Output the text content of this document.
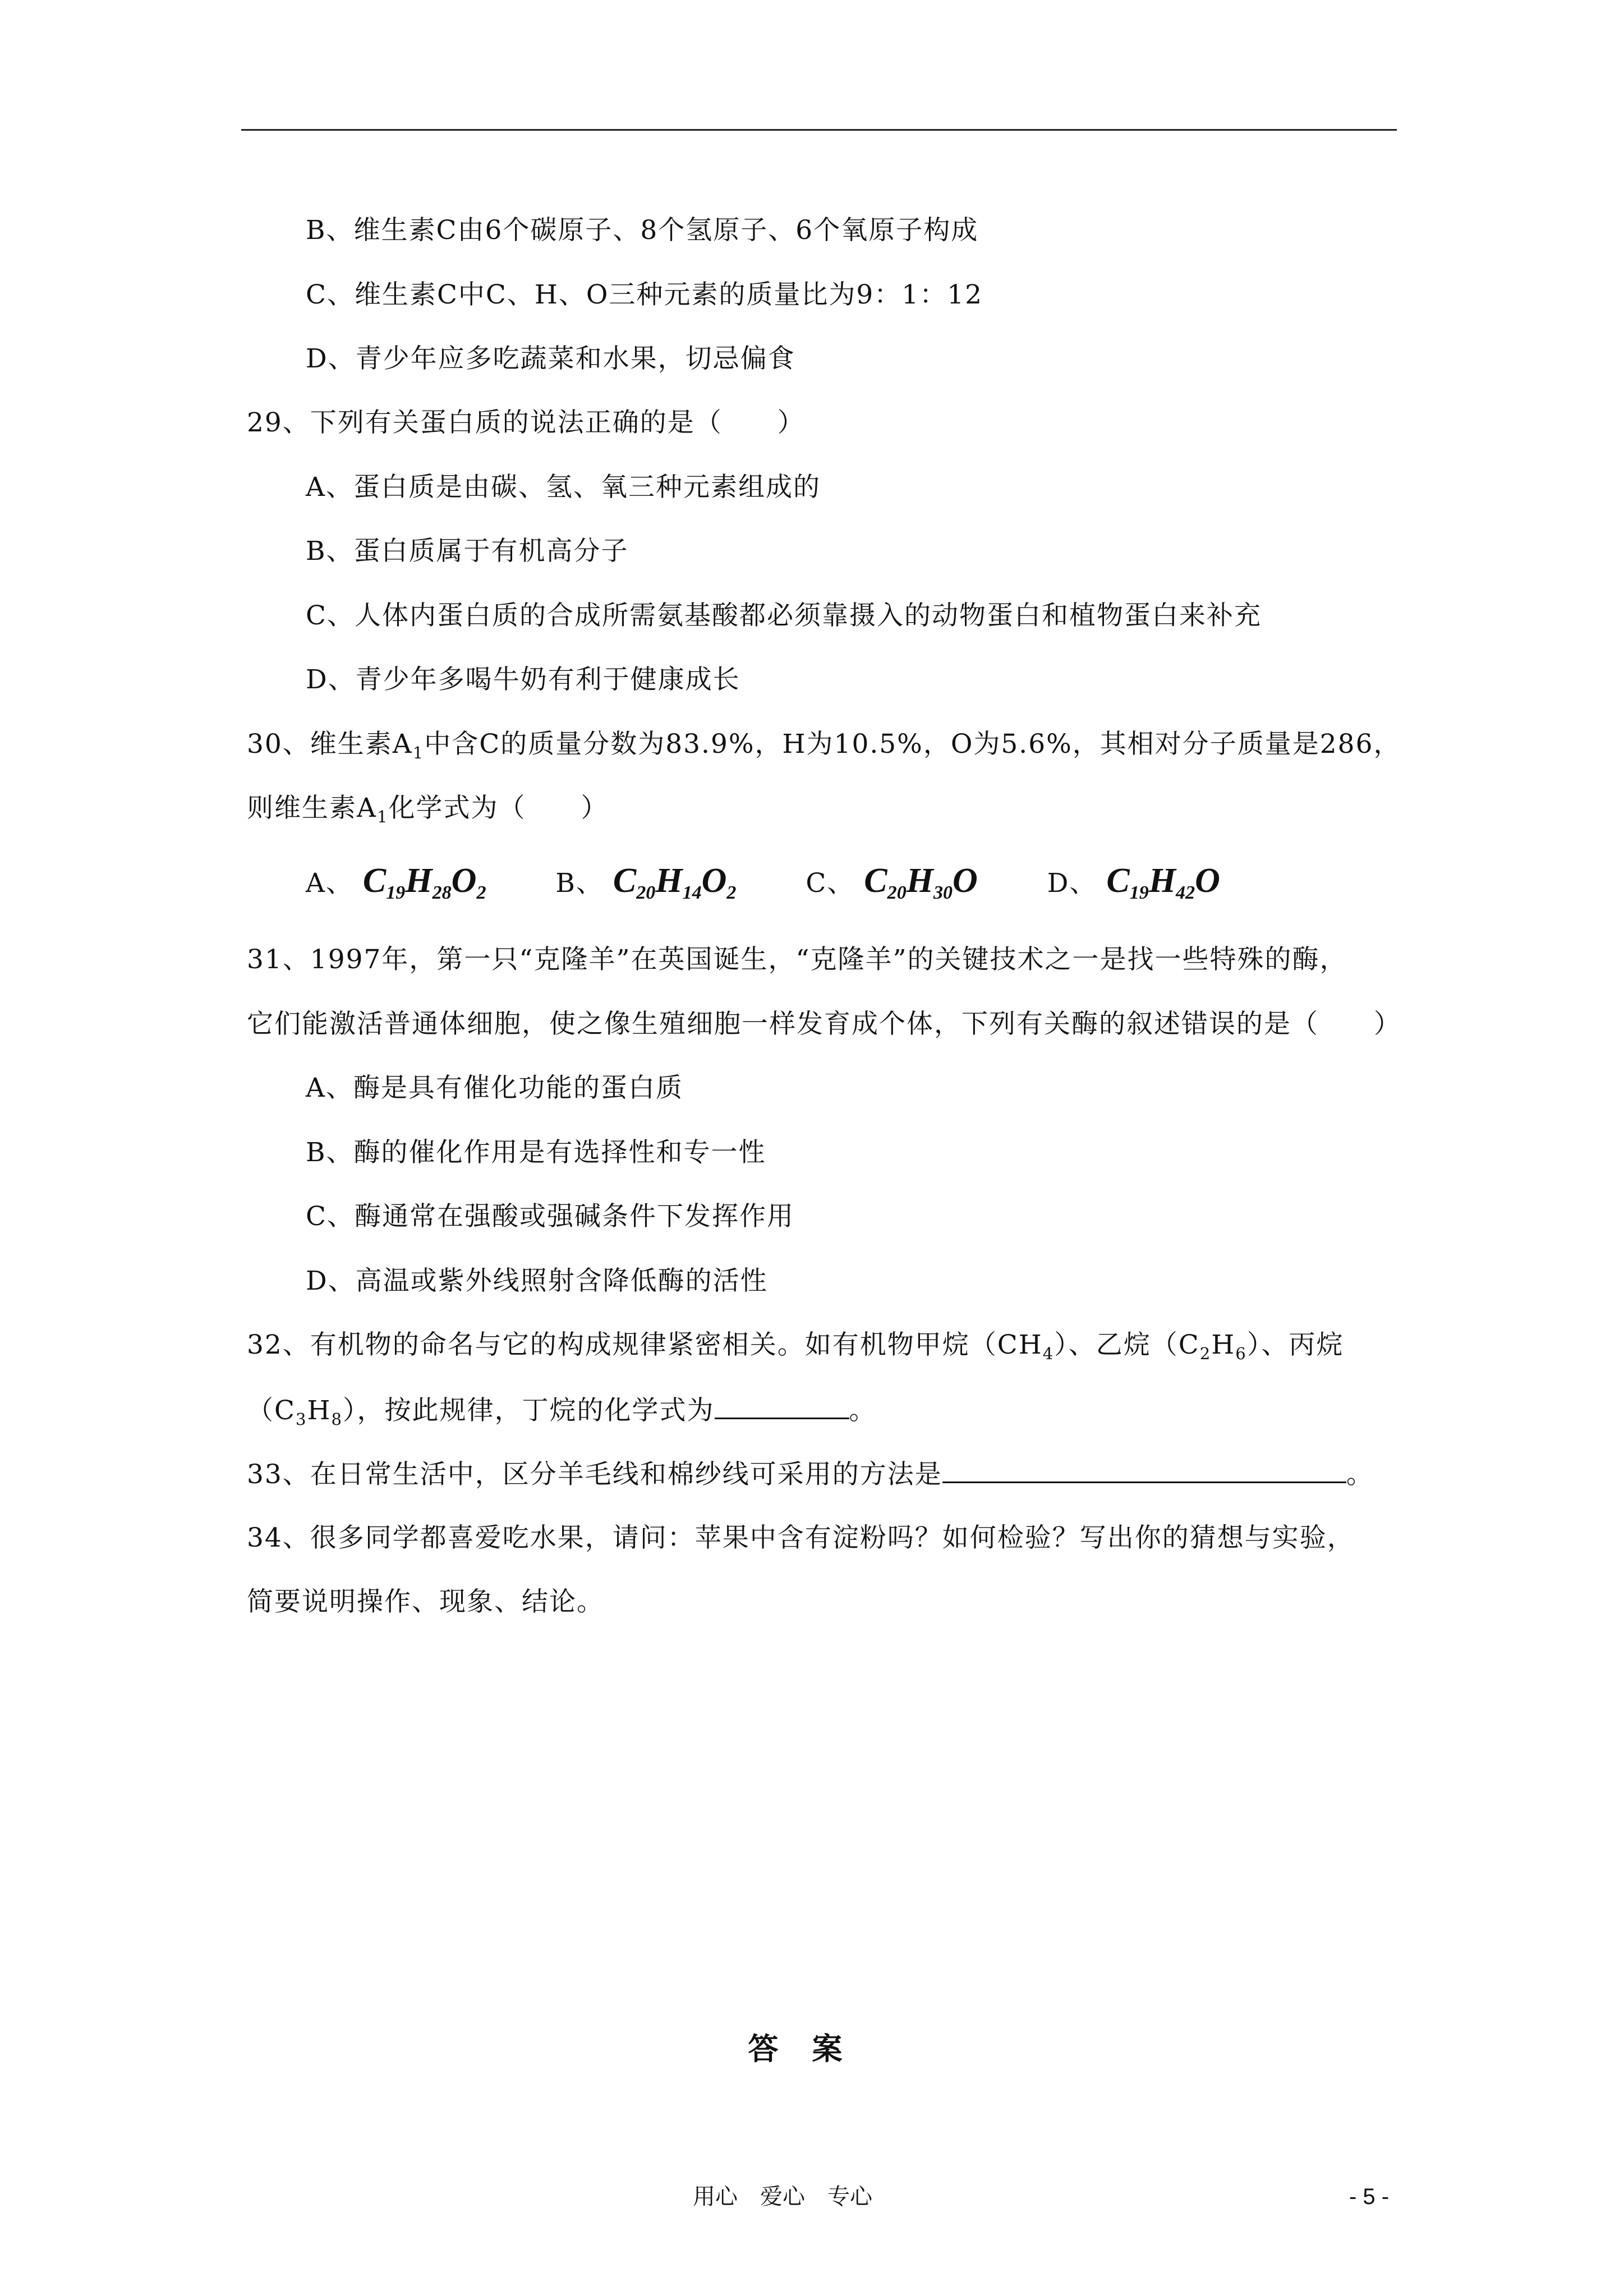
B、维生素C由6个碳原子、8个氢原子、6个氧原子构成
C、维生素C中C、H、O三种元素的质量比为9：1：12
D、青少年应多吃蔬菜和水果，切忌偏食
29、下列有关蛋白质的说法正确的是（　　）
A、蛋白质是由碳、氢、氧三种元素组成的
B、蛋白质属于有机高分子
C、人体内蛋白质的合成所需氨基酸都必须靠摄入的动物蛋白和植物蛋白来补充
D、青少年多喝牛奶有利于健康成长
30、维生素$A_1$中含C的质量分数为83.9%，H为10.5%，O为5.6%，其相对分子质量是286，
则维生素$A_1$化学式为（　　）
A、 $C_{19}H_{28}O_2$	B、 $C_{20}H_{14}O_2$	C、 $C_{20}H_{30}O$	D、 $C_{19}H_{42}O$
31、1997年，第一只“克隆羊”在英国诞生，“克隆羊”的关键技术之一是找一些特殊的酶，
它们能激活普通体细胞，使之像生殖细胞一样发育成个体，下列有关酶的叙述错误的是（　　）
A、酶是具有催化功能的蛋白质
B、酶的催化作用是有选择性和专一性
C、酶通常在强酸或强碱条件下发挥作用
D、高温或紫外线照射含降低酶的活性
32、有机物的命名与它的构成规律紧密相关。如有机物甲烷$(CH_4)$、乙烷$(C_2H_6)$、丙烷
$(C_3H_8)$，按此规律，丁烷的化学式为	。
33、在日常生活中，区分羊毛线和棉纱线可采用的方法是	。
34、很多同学都喜爱吃水果，请问：苹果中含有淀粉吗？如何检验？写出你的猜想与实验，
简要说明操作、现象、结论。
答案
用心　爱心　专心	- 5 -
